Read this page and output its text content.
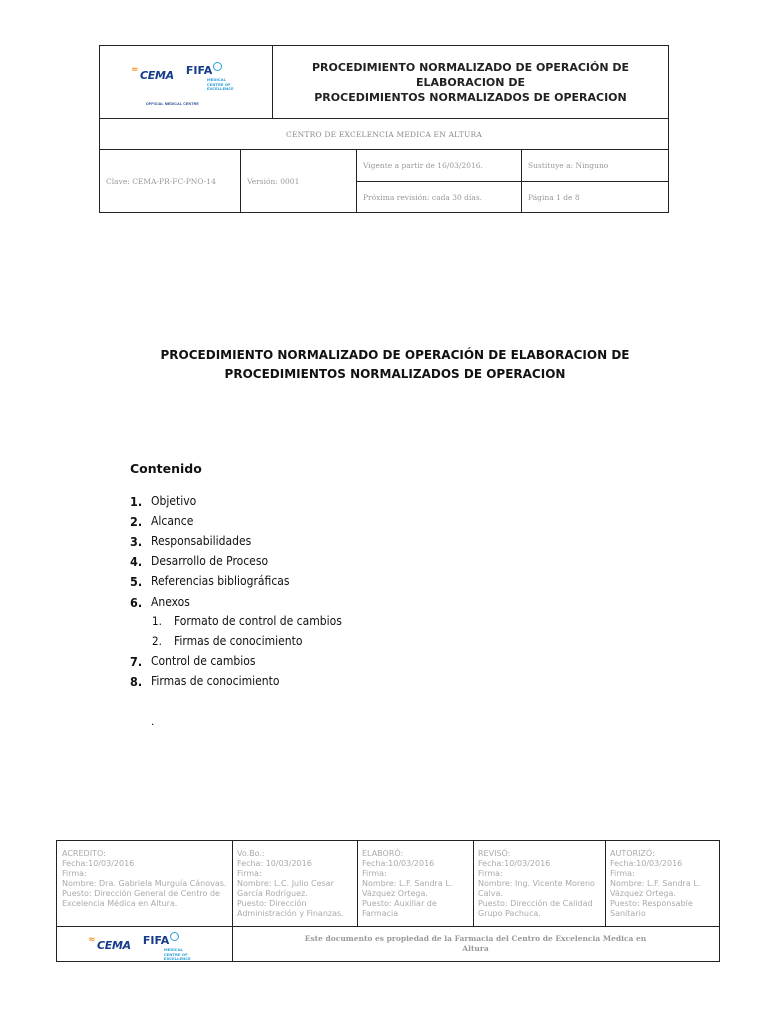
≈ CEMA FIFA
MEDICAL
CENTRE OF
EXCELLENCE
OFFICIAL MEDICAL CENTRE
PROCEDIMIENTO NORMALIZADO DE OPERACIÓN DE ELABORACION DE
PROCEDIMIENTOS NORMALIZADOS DE OPERACION
CENTRO DE EXCELENCIA MEDICA EN ALTURA
Clave: CEMA-PR-FC-PNO-14	Versión: 0001
Vigente a partir de 16/03/2016.	Sustituye a: Ninguno
Próxima revisión: cada 30 días.	Página 1 de 8
PROCEDIMIENTO NORMALIZADO DE OPERACIÓN DE ELABORACION DE
PROCEDIMIENTOS NORMALIZADOS DE OPERACION
Contenido
1. Objetivo
2. Alcance
3. Responsabilidades
4. Desarrollo de Proceso
5. Referencias bibliográficas
6. Anexos
1. Formato de control de cambios
2. Firmas de conocimiento
7. Control de cambios
8. Firmas de conocimiento
.
ACREDITO:
Fecha:10/03/2016
Firma:
Nombre: Dra. Gabriela Murguía Cánovas.
Puesto: Dirección General de Centro de
Excelencia Médica en Altura.
Vo.Bo.:
Fecha: 10/03/2016
Firma:
Nombre: L.C. Julio Cesar
García Rodríguez.
Puesto: Dirección
Administración y Finanzas.
ELABORÓ:
Fecha:10/03/2016
Firma:
Nombre: L.F. Sandra L.
Vázquez Ortega.
Puesto: Auxiliar de
Farmacia
REVISÓ:
Fecha:10/03/2016
Firma:
Nombre: Ing. Vicente Moreno
Calva.
Puesto: Dirección de Calidad
Grupo Pachuca.
AUTORIZÓ:
Fecha:10/03/2016
Firma:
Nombre: L.F. Sandra L.
Vázquez Ortega.
Puesto: Responsable
Sanitario
≈ CEMA FIFA
MEDICAL
CENTRE OF
EXCELLENCE
Este documento es propiedad de la Farmacia del Centro de Excelencia Medica en
Altura
